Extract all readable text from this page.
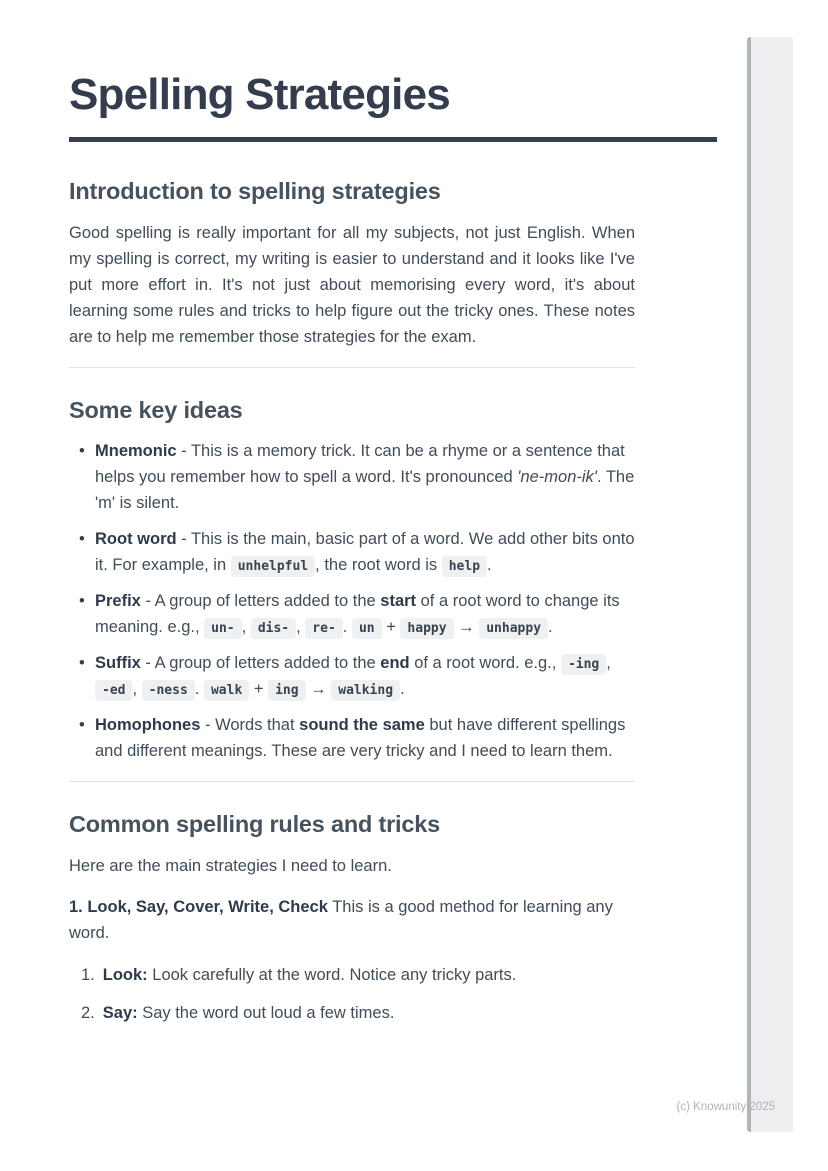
Spelling Strategies
Introduction to spelling strategies

Good spelling is really important for all my subjects, not just English. When my spelling is correct, my writing is easier to understand and it looks like I've put more effort in. It's not just about memorising every word, it's about learning some rules and tricks to help figure out the tricky ones. These notes are to help me remember those strategies for the exam.

Some key ideas
• Mnemonic - This is a memory trick. It can be a rhyme or a sentence that helps you remember how to spell a word. It's pronounced 'ne-mon-ik'. The 'm' is silent.
• Root word - This is the main, basic part of a word. We add other bits onto it. For example, in unhelpful , the root word is help .
• Prefix - A group of letters added to the start of a root word to change its meaning. e.g., un- , dis- , re- . un + happy → unhappy .
• Suffix - A group of letters added to the end of a root word. e.g., -ing , -ed , -ness . walk + ing → walking .
• Homophones - Words that sound the same but have different spellings and different meanings. These are very tricky and I need to learn them.
Common spelling rules and tricks

Here are the main strategies I need to learn.

1. Look, Say, Cover, Write, Check This is a good method for learning any word.

1. Look: Look carefully at the word. Notice any tricky parts.
2. Say: Say the word out loud a few times.
(c) Knowunity 2025
